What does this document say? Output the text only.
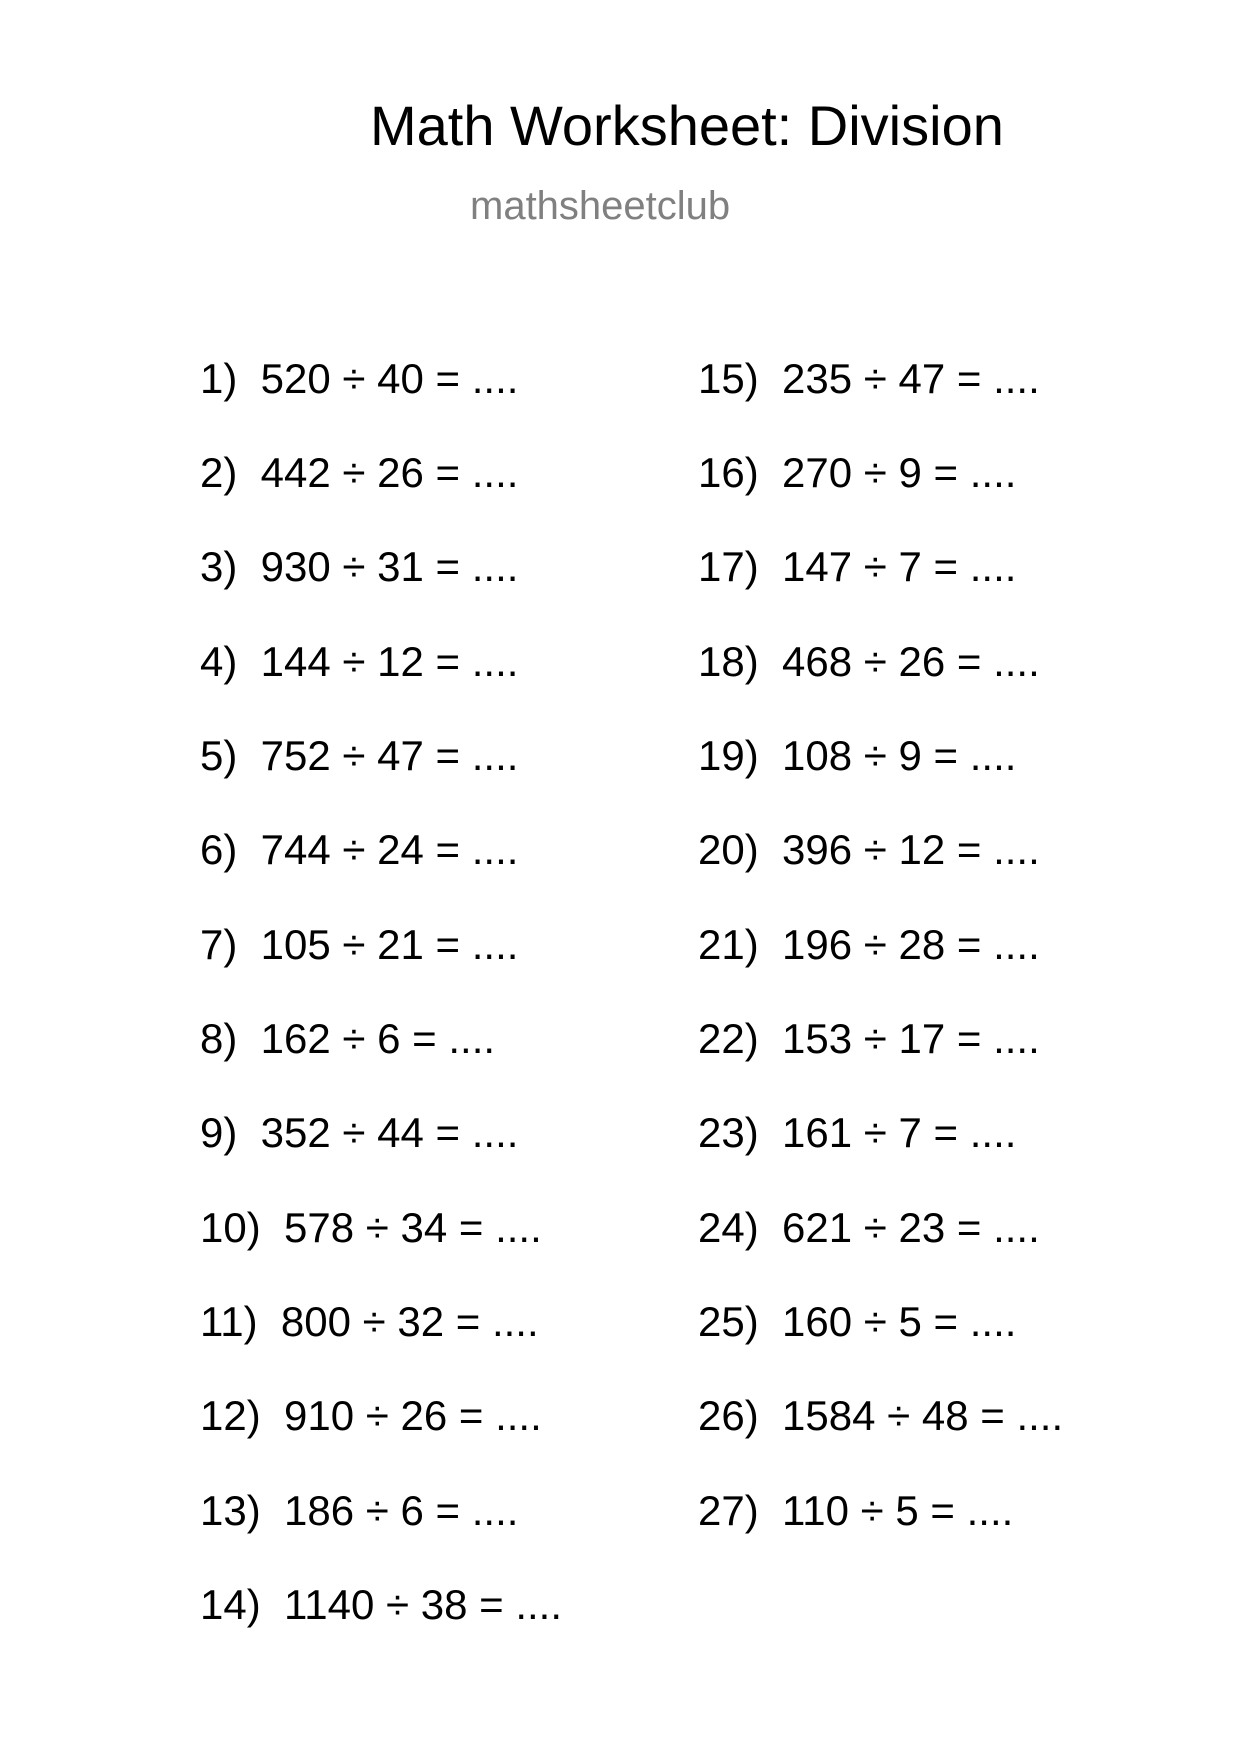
Math Worksheet: Division
mathsheetclub
1)  520 ÷ 40 = ....
2)  442 ÷ 26 = ....
3)  930 ÷ 31 = ....
4)  144 ÷ 12 = ....
5)  752 ÷ 47 = ....
6)  744 ÷ 24 = ....
7)  105 ÷ 21 = ....
8)  162 ÷ 6 = ....
9)  352 ÷ 44 = ....
10)  578 ÷ 34 = ....
11)  800 ÷ 32 = ....
12)  910 ÷ 26 = ....
13)  186 ÷ 6 = ....
14)  1140 ÷ 38 = ....
15)  235 ÷ 47 = ....
16)  270 ÷ 9 = ....
17)  147 ÷ 7 = ....
18)  468 ÷ 26 = ....
19)  108 ÷ 9 = ....
20)  396 ÷ 12 = ....
21)  196 ÷ 28 = ....
22)  153 ÷ 17 = ....
23)  161 ÷ 7 = ....
24)  621 ÷ 23 = ....
25)  160 ÷ 5 = ....
26)  1584 ÷ 48 = ....
27)  110 ÷ 5 = ....
